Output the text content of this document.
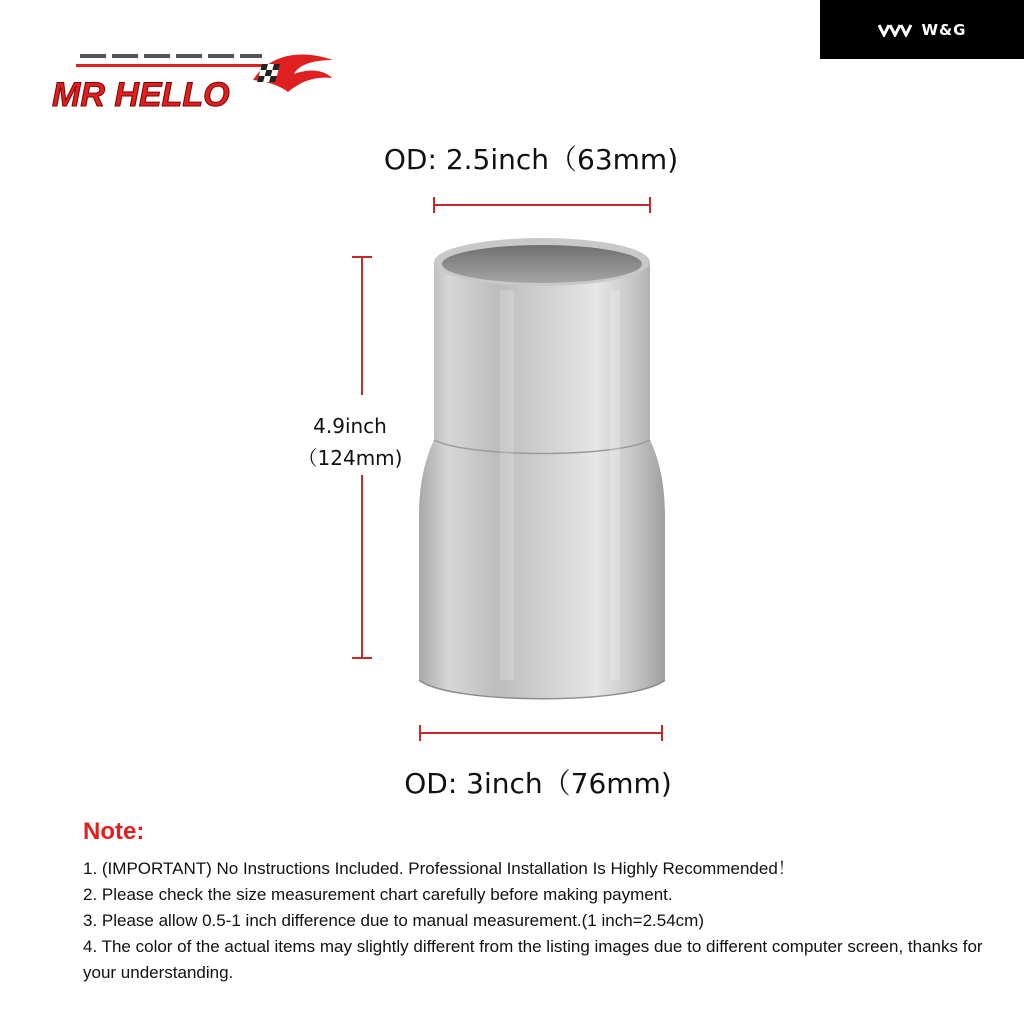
W&G
MR HELLO
OD: 2.5inch（63mm)
4.9inch
（124mm)
OD: 3inch（76mm)
Note:
1. (IMPORTANT) No Instructions Included. Professional Installation Is Highly Recommended！
2. Please check the size measurement chart carefully before making payment.
3. Please allow 0.5-1 inch difference due to manual measurement.(1 inch=2.54cm)
4. The color of the actual items may slightly different from the listing images due to different computer screen, thanks for your understanding.
